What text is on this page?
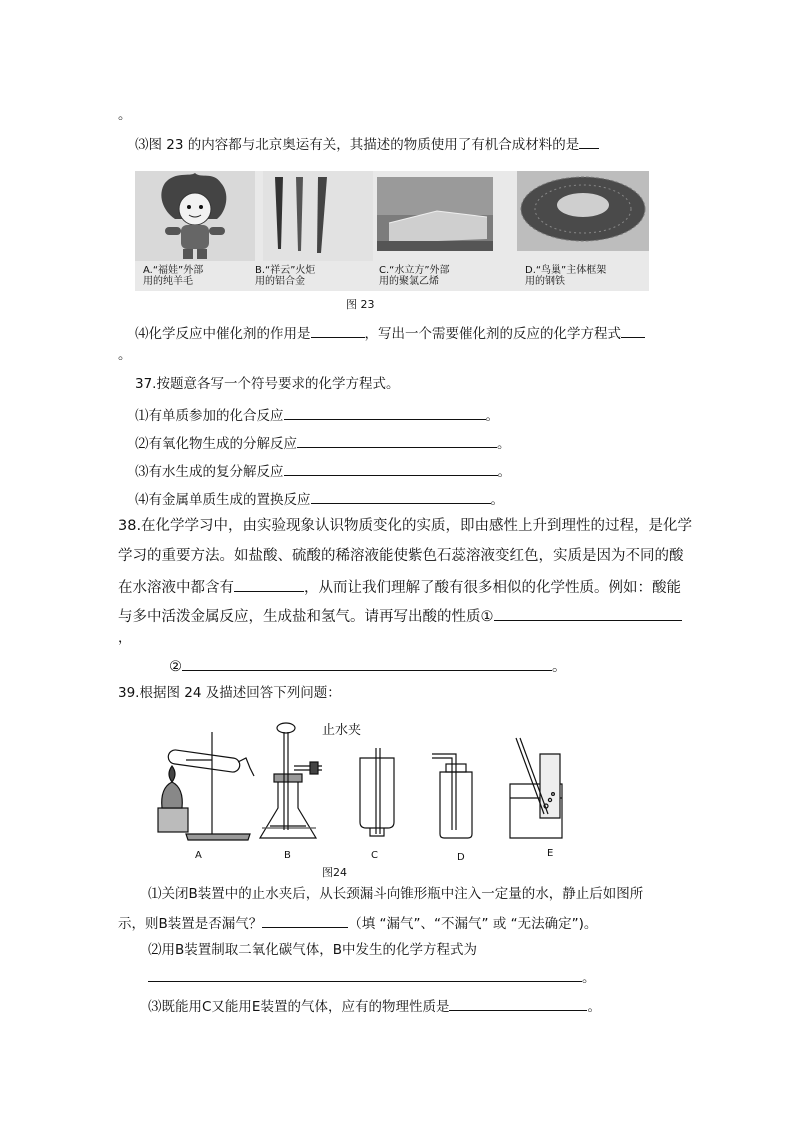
。
⑶图 23 的内容都与北京奥运有关，其描述的物质使用了有机合成材料的是
A.“福娃”外部
用的纯羊毛
B.“祥云”火炬
用的铝合金
C.“水立方”外部
用的聚氯乙烯
D.“鸟巢”主体框架
用的钢铁
图 23
⑷化学反应中催化剂的作用是	，写出一个需要催化剂的反应的化学方程式
。
37.按题意各写一个符号要求的化学方程式。
⑴有单质参加的化合反应	。
⑵有氧化物生成的分解反应	。
⑶有水生成的复分解反应	。
⑷有金属单质生成的置换反应	。
38.在化学学习中，由实验现象认识物质变化的实质，即由感性上升到理性的过程，是化学
学习的重要方法。如盐酸、硫酸的稀溶液能使紫色石蕊溶液变红色，实质是因为不同的酸
在水溶液中都含有	，从而让我们理解了酸有很多相似的化学性质。例如：酸能
与多中活泼金属反应，生成盐和氢气。请再写出酸的性质①
，
②	。
39.根据图 24 及描述回答下列问题：
止水夹
A	B	C	D	E
图24
⑴关闭B装置中的止水夹后，从长颈漏斗向锥形瓶中注入一定量的水，静止后如图所
示，则B装置是否漏气？	（填 “漏气”、“不漏气” 或 “无法确定”)。
⑵用B装置制取二氧化碳气体，B中发生的化学方程式为
。
⑶既能用C又能用E装置的气体，应有的物理性质是	。
